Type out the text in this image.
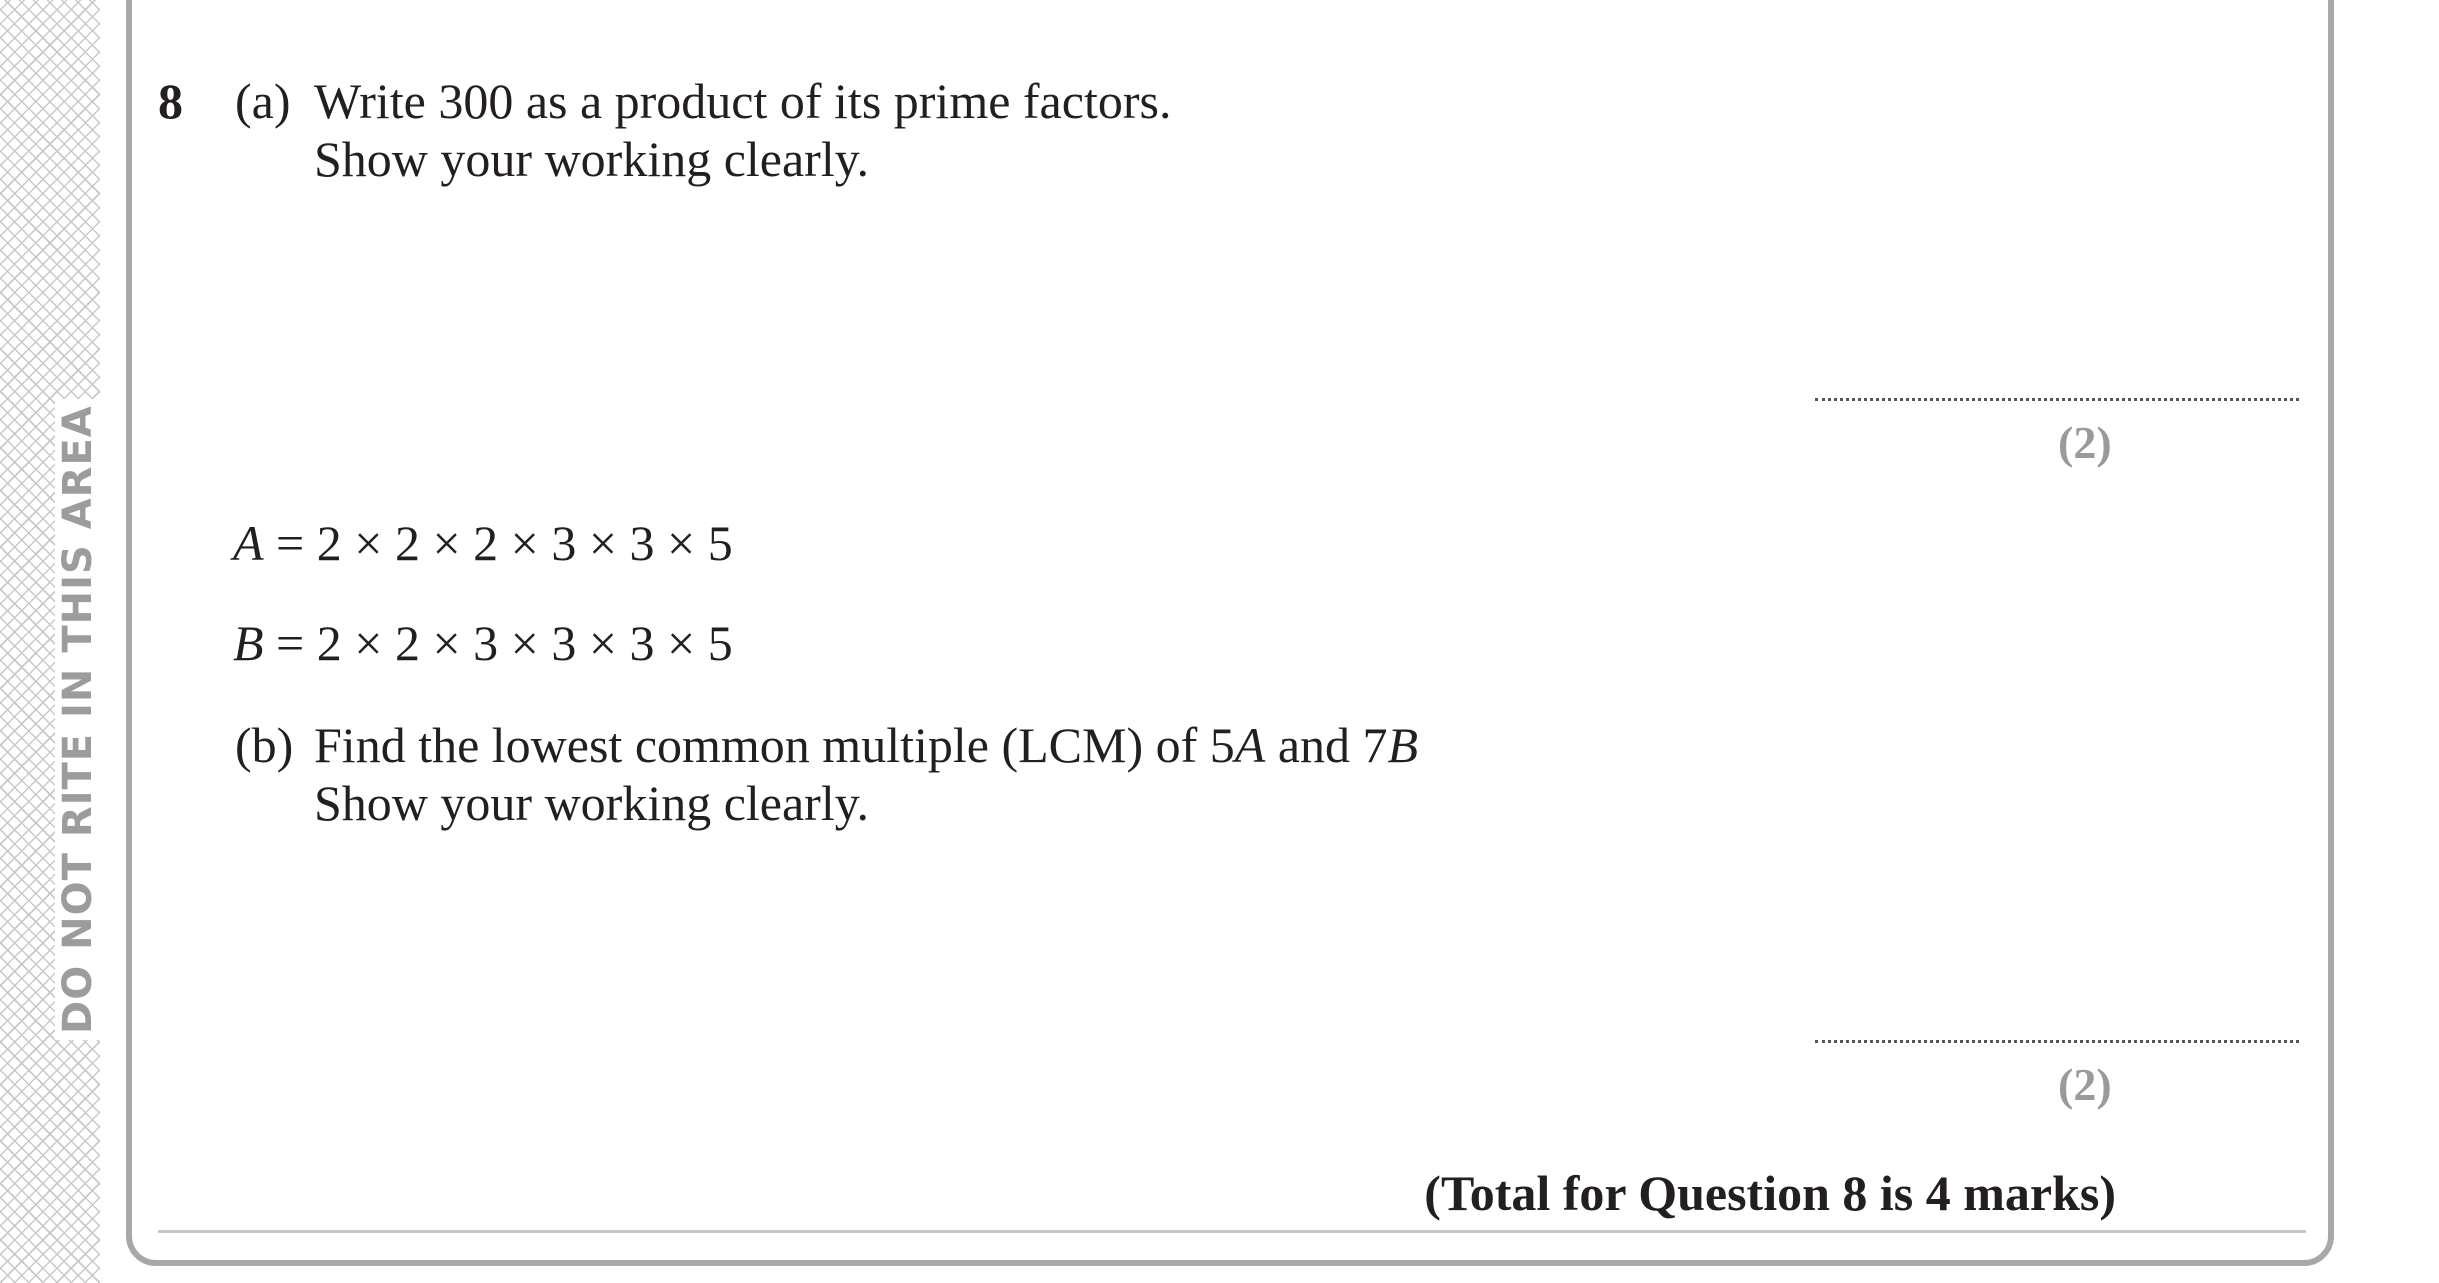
DO NOT RITE IN THIS AREA
8 (a) Write 300 as a product of its prime factors.
Show your working clearly.
(2)
A = 2 × 2 × 2 × 3 × 3 × 5
B = 2 × 2 × 3 × 3 × 3 × 5
(b) Find the lowest common multiple (LCM) of 5A and 7B
Show your working clearly.
(2)
(Total for Question 8 is 4 marks)
